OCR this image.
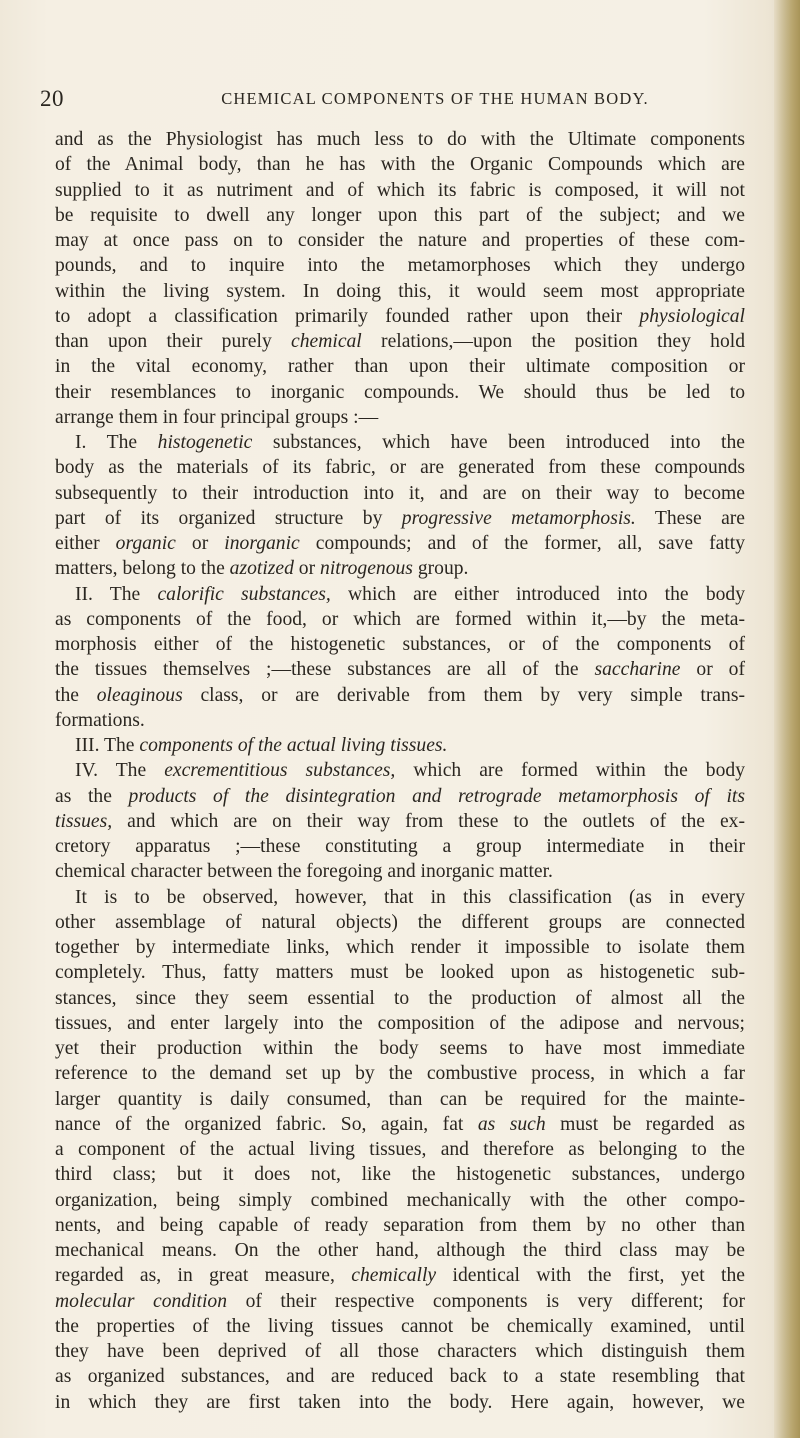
20	CHEMICAL COMPONENTS OF THE HUMAN BODY.
and as the Physiologist has much less to do with the Ultimate components
of the Animal body, than he has with the Organic Compounds which are
supplied to it as nutriment and of which its fabric is composed, it will not
be requisite to dwell any longer upon this part of the subject; and we
may at once pass on to consider the nature and properties of these com-
pounds, and to inquire into the metamorphoses which they undergo
within the living system. In doing this, it would seem most appropriate
to adopt a classification primarily founded rather upon their physiological
than upon their purely chemical relations,—upon the position they hold
in the vital economy, rather than upon their ultimate composition or
their resemblances to inorganic compounds. We should thus be led to
arrange them in four principal groups :—
I. The histogenetic substances, which have been introduced into the
body as the materials of its fabric, or are generated from these compounds
subsequently to their introduction into it, and are on their way to become
part of its organized structure by progressive metamorphosis. These are
either organic or inorganic compounds; and of the former, all, save fatty
matters, belong to the azotized or nitrogenous group.
II. The calorific substances, which are either introduced into the body
as components of the food, or which are formed within it,—by the meta-
morphosis either of the histogenetic substances, or of the components of
the tissues themselves ;—these substances are all of the saccharine or of
the oleaginous class, or are derivable from them by very simple trans-
formations.
III. The components of the actual living tissues.
IV. The excrementitious substances, which are formed within the body
as the products of the disintegration and retrograde metamorphosis of its
tissues, and which are on their way from these to the outlets of the ex-
cretory apparatus ;—these constituting a group intermediate in their
chemical character between the foregoing and inorganic matter.
It is to be observed, however, that in this classification (as in every
other assemblage of natural objects) the different groups are connected
together by intermediate links, which render it impossible to isolate them
completely. Thus, fatty matters must be looked upon as histogenetic sub-
stances, since they seem essential to the production of almost all the
tissues, and enter largely into the composition of the adipose and nervous;
yet their production within the body seems to have most immediate
reference to the demand set up by the combustive process, in which a far
larger quantity is daily consumed, than can be required for the mainte-
nance of the organized fabric. So, again, fat as such must be regarded as
a component of the actual living tissues, and therefore as belonging to the
third class; but it does not, like the histogenetic substances, undergo
organization, being simply combined mechanically with the other compo-
nents, and being capable of ready separation from them by no other than
mechanical means. On the other hand, although the third class may be
regarded as, in great measure, chemically identical with the first, yet the
molecular condition of their respective components is very different; for
the properties of the living tissues cannot be chemically examined, until
they have been deprived of all those characters which distinguish them
as organized substances, and are reduced back to a state resembling that
in which they are first taken into the body. Here again, however, we
